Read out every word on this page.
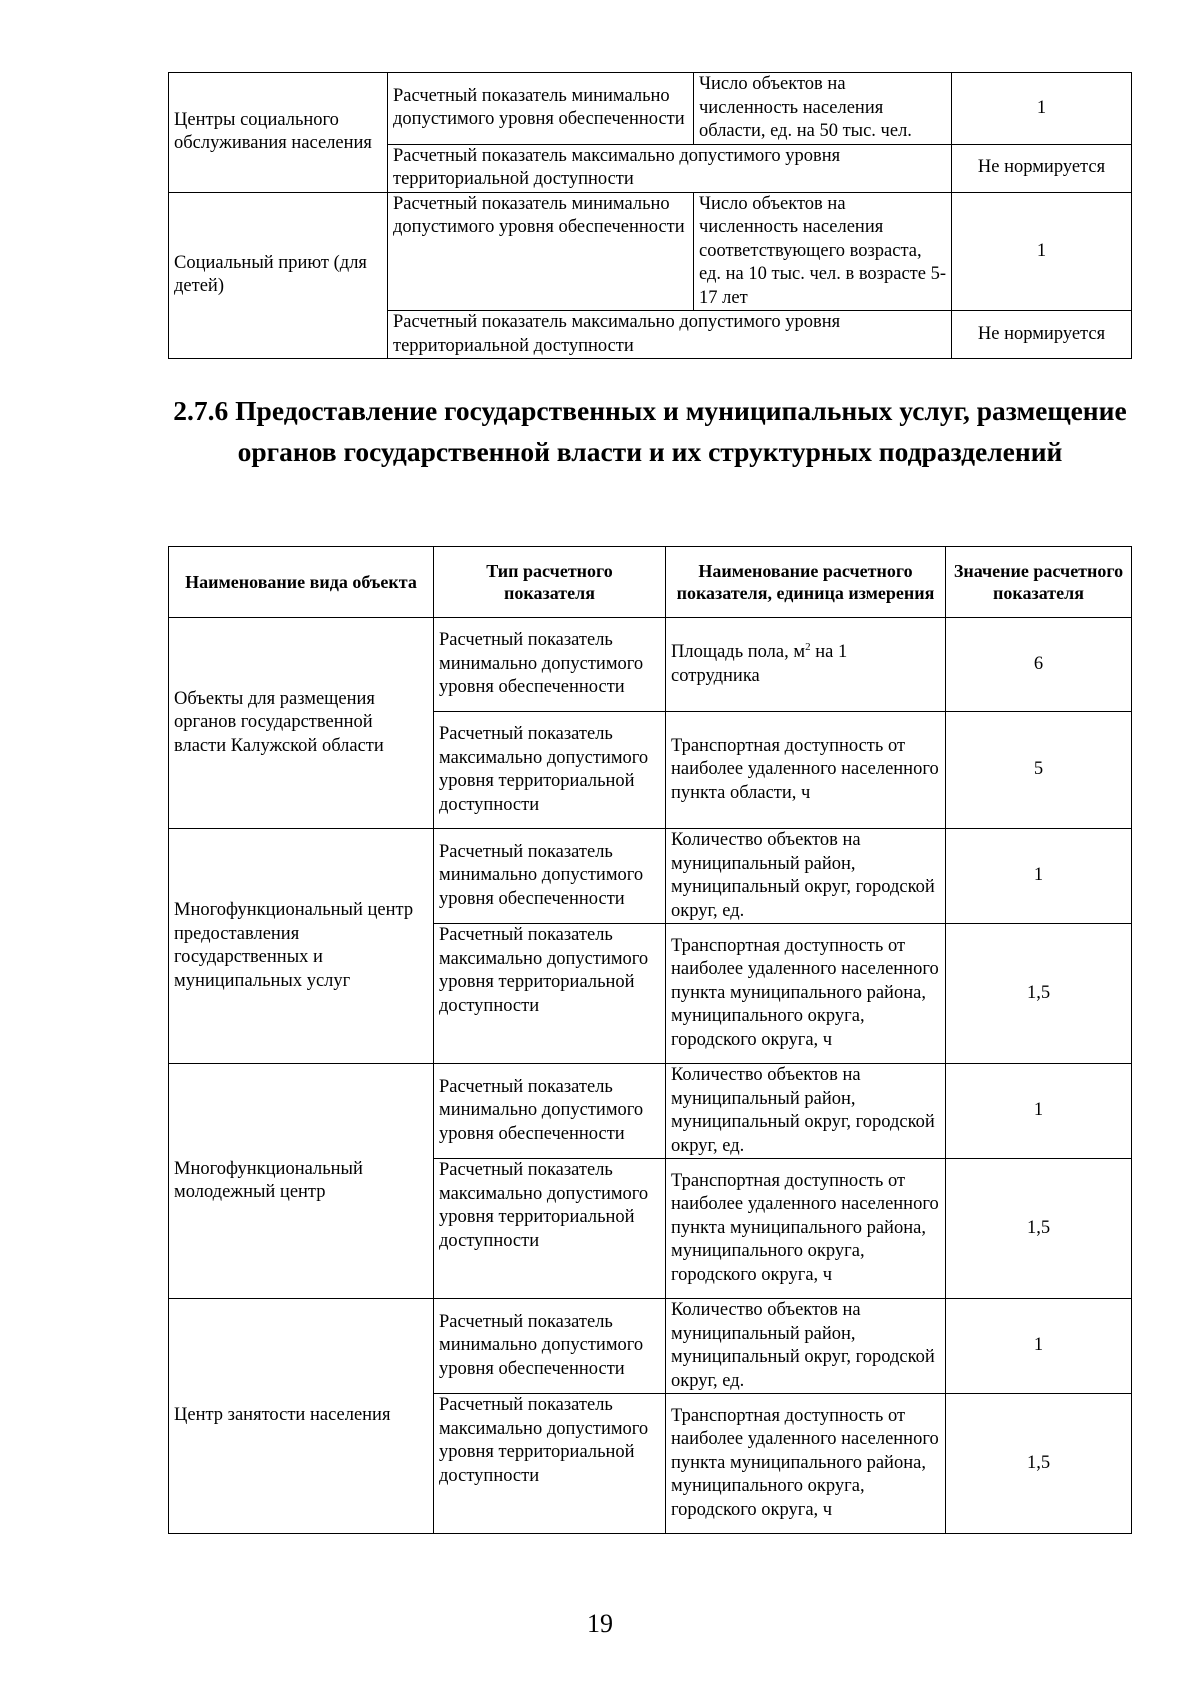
Центры социального обслуживания населения	Расчетный показатель минимально допустимого уровня обеспеченности	Число объектов на численность населения области, ед. на 50 тыс. чел.	1
	Расчетный показатель максимально допустимого уровня территориальной доступности		Не нормируется
Социальный приют (для детей)	Расчетный показатель минимально допустимого уровня обеспеченности	Число объектов на численность населения соответствующего возраста, ед. на 10 тыс. чел. в возрасте 5-17 лет	1
	Расчетный показатель максимально допустимого уровня территориальной доступности		Не нормируется
2.7.6 Предоставление государственных и муниципальных услуг, размещение органов государственной власти и их структурных подразделений
Наименование вида объекта	Тип расчетного показателя	Наименование расчетного показателя, единица измерения	Значение расчетного показателя
Объекты для размещения органов государственной власти Калужской области	Расчетный показатель минимально допустимого уровня обеспеченности	Площадь пола, $м^2$ на 1 сотрудника	6
	Расчетный показатель максимально допустимого уровня территориальной доступности	Транспортная доступность от наиболее удаленного населенного пункта области, ч	5
Многофункциональный центр предоставления государственных и муниципальных услуг	Расчетный показатель минимально допустимого уровня обеспеченности	Количество объектов на муниципальный район, муниципальный округ, городской округ, ед.	1
	Расчетный показатель максимально допустимого уровня территориальной доступности	Транспортная доступность от наиболее удаленного населенного пункта муниципального района, муниципального округа, городского округа, ч	1,5
Многофункциональный молодежный центр	Расчетный показатель минимально допустимого уровня обеспеченности	Количество объектов на муниципальный район, муниципальный округ, городской округ, ед.	1
	Расчетный показатель максимально допустимого уровня территориальной доступности	Транспортная доступность от наиболее удаленного населенного пункта муниципального района, муниципального округа, городского округа, ч	1,5
Центр занятости населения	Расчетный показатель минимально допустимого уровня обеспеченности	Количество объектов на муниципальный район, муниципальный округ, городской округ, ед.	1
	Расчетный показатель максимально допустимого уровня территориальной доступности	Транспортная доступность от наиболее удаленного населенного пункта муниципального района, муниципального округа, городского округа, ч	1,5
19
